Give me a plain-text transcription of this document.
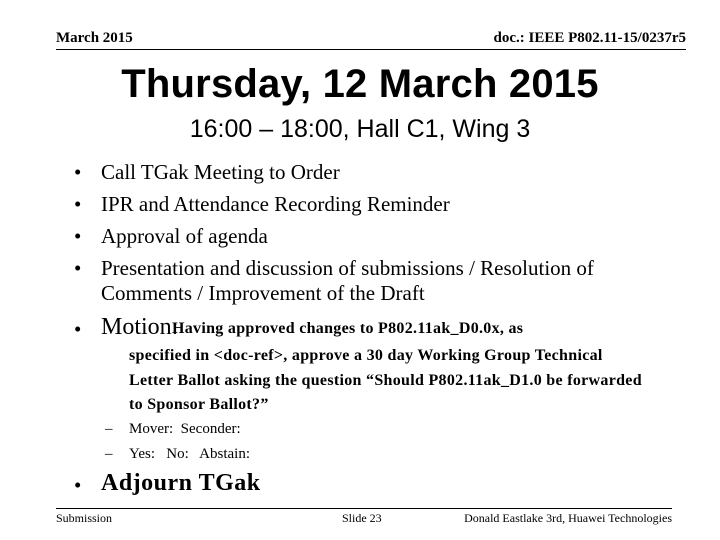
March 2015	doc.: IEEE P802.11-15/0237r5
Thursday, 12 March 2015
16:00 – 18:00, Hall C1, Wing 3
• Call TGak Meeting to Order
• IPR and Attendance Recording Reminder
• Approval of agenda
• Presentation and discussion of submissions / Resolution of Comments / Improvement of the Draft
• Motion:
Having approved changes to P802.11ak_D0.0x, as
specified in <doc-ref>, approve a 30 day Working Group Technical Letter Ballot asking the question “Should P802.11ak_D1.0 be forwarded to Sponsor Ballot?”
– Mover:  Seconder:
– Yes:   No:   Abstain:
• Adjourn TGak
Submission	Slide 23	Donald Eastlake 3rd, Huawei Technologies
